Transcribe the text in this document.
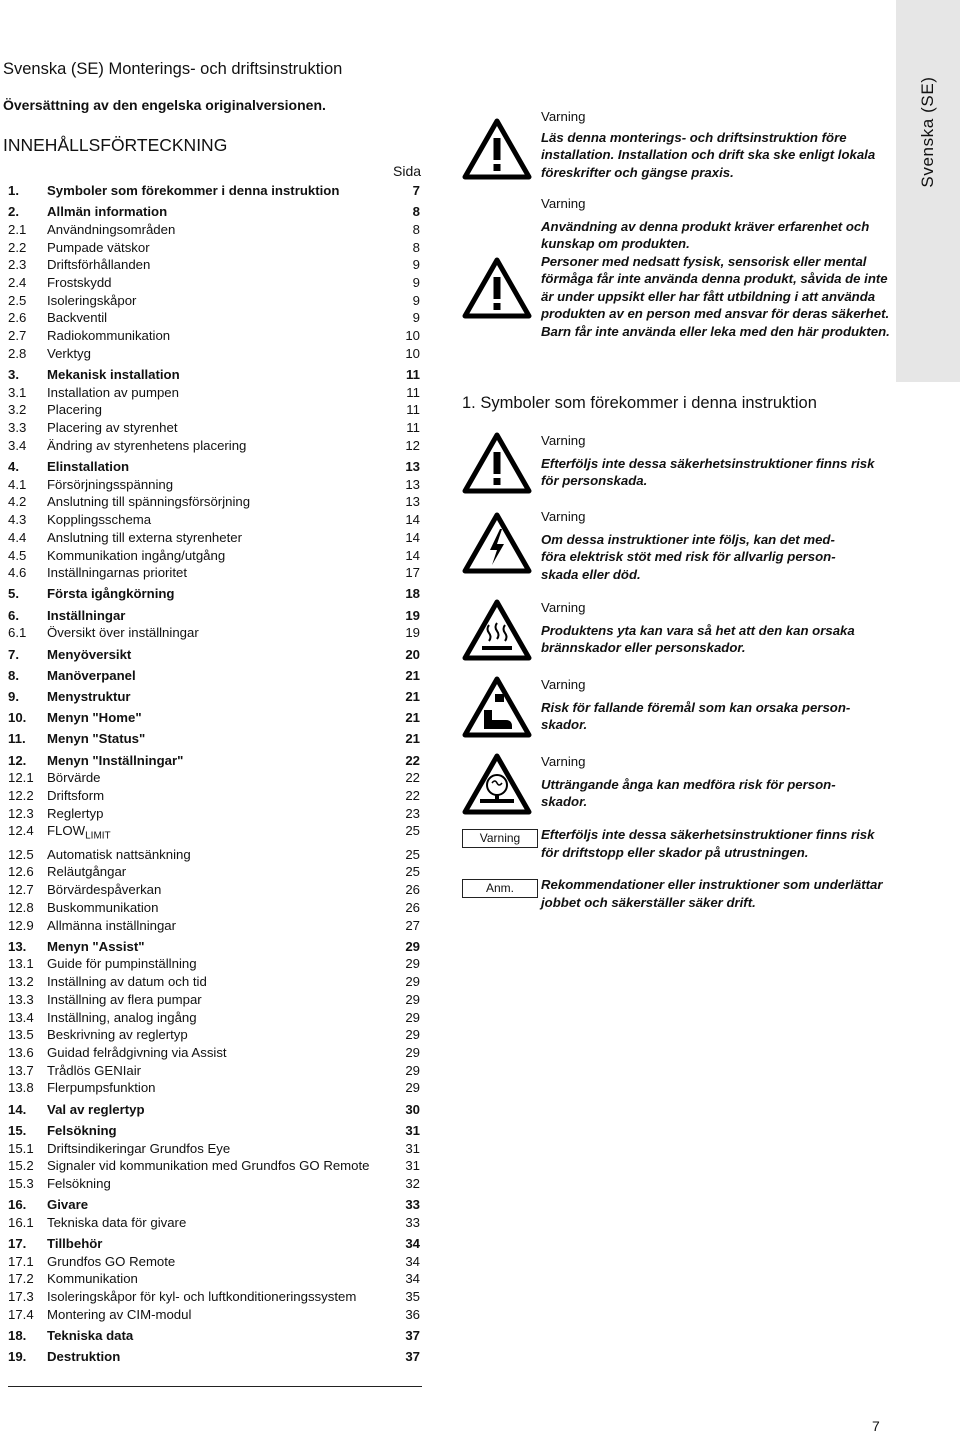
Svenska (SE) Monterings- och driftsinstruktion
Översättning av den engelska originalversionen.
INNEHÅLLSFÖRTECKNING
Sida
1.	Symboler som förekommer i denna instruktion	7
2.	Allmän information	8
2.1	Användningsområden	8
2.2	Pumpade vätskor	8
2.3	Driftsförhållanden	9
2.4	Frostskydd	9
2.5	Isoleringskåpor	9
2.6	Backventil	9
2.7	Radiokommunikation	10
2.8	Verktyg	10
3.	Mekanisk installation	11
3.1	Installation av pumpen	11
3.2	Placering	11
3.3	Placering av styrenhet	11
3.4	Ändring av styrenhetens placering	12
4.	Elinstallation	13
4.1	Försörjningsspänning	13
4.2	Anslutning till spänningsförsörjning	13
4.3	Kopplingsschema	14
4.4	Anslutning till externa styrenheter	14
4.5	Kommunikation ingång/utgång	14
4.6	Inställningarnas prioritet	17
5.	Första igångkörning	18
6.	Inställningar	19
6.1	Översikt över inställningar	19
7.	Menyöversikt	20
8.	Manöverpanel	21
9.	Menystruktur	21
10.	Menyn "Home"	21
11.	Menyn "Status"	21
12.	Menyn "Inställningar"	22
12.1	Börvärde	22
12.2	Driftsform	22
12.3	Reglertyp	23
12.4	$FLOW_{LIMIT}$	25
12.5	Automatisk nattsänkning	25
12.6	Reläutgångar	25
12.7	Börvärdespåverkan	26
12.8	Buskommunikation	26
12.9	Allmänna inställningar	27
13.	Menyn "Assist"	29
13.1	Guide för pumpinställning	29
13.2	Inställning av datum och tid	29
13.3	Inställning av flera pumpar	29
13.4	Inställning, analog ingång	29
13.5	Beskrivning av reglertyp	29
13.6	Guidad felrådgivning via Assist	29
13.7	Trådlös GENIair	29
13.8	Flerpumpsfunktion	29
14.	Val av reglertyp	30
15.	Felsökning	31
15.1	Driftsindikeringar Grundfos Eye	31
15.2	Signaler vid kommunikation med Grundfos GO Remote	31
15.3	Felsökning	32
16.	Givare	33
16.1	Tekniska data för givare	33
17.	Tillbehör	34
17.1	Grundfos GO Remote	34
17.2	Kommunikation	34
17.3	Isoleringskåpor för kyl- och luftkonditioneringssystem	35
17.4	Montering av CIM-modul	36
18.	Tekniska data	37
19.	Destruktion	37
Varning
Läs denna monterings- och driftsinstruktion före installation. Installation och drift ska ske enligt lokala föreskrifter och gängse praxis.
Varning
Användning av denna produkt kräver erfarenhet och kunskap om produkten.
Personer med nedsatt fysisk, sensorisk eller mental förmåga får inte använda denna produkt, såvida de inte är under uppsikt eller har fått utbildning i att använda produkten av en person med ansvar för deras säkerhet.
Barn får inte använda eller leka med den här produkten.
1. Symboler som förekommer i denna instruktion
Varning
Efterföljs inte dessa säkerhetsinstruktioner finns risk för personskada.
Varning
Om dessa instruktioner inte följs, kan det med-
föra elektrisk stöt med risk för allvarlig person-
skada eller död.
Varning
Produktens yta kan vara så het att den kan orsaka brännskador eller personskador.
Varning
Risk för fallande föremål som kan orsaka person-
skador.
Varning
Utträngande ånga kan medföra risk för person-
skador.
Varning	Efterföljs inte dessa säkerhetsinstruktioner finns risk för driftstopp eller skador på utrustningen.
Anm.	Rekommendationer eller instruktioner som underlättar jobbet och säkerställer säker drift.
Svenska (SE)
7
